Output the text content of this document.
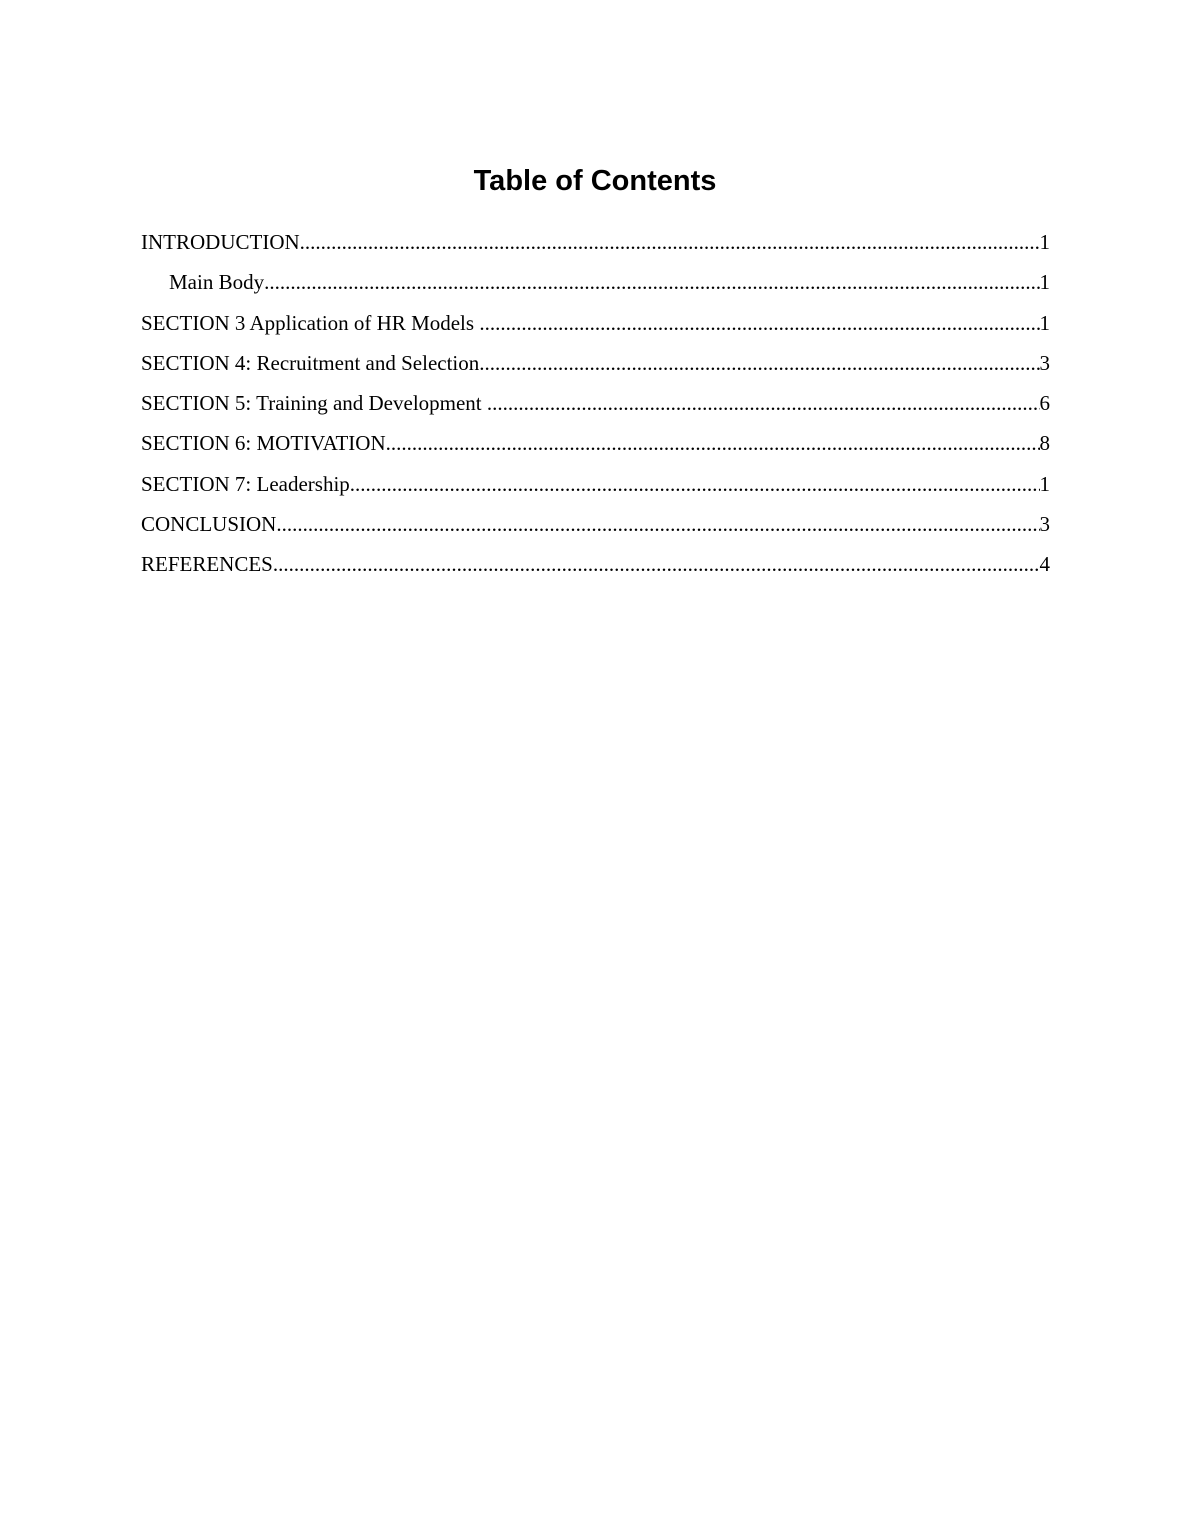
Table of Contents
INTRODUCTION .....	1
Main Body .....	1
SECTION 3 Application of HR Models .....	1
SECTION 4: Recruitment and Selection .....	3
SECTION 5: Training and Development .....	6
SECTION 6: MOTIVATION .....	8
SECTION 7: Leadership .....	1
CONCLUSION .....	3
REFERENCES .....	4
